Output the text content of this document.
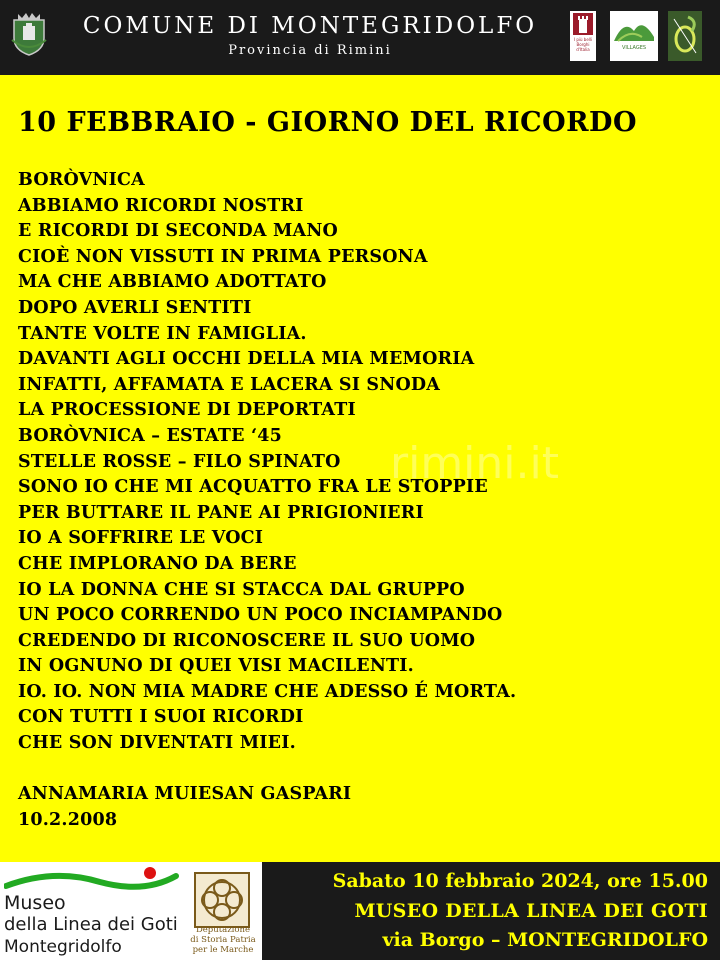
COMUNE DI MONTEGRIDOLFO
Provincia di Rimini
I più belli Borghi d'Italia	VILLAGES
10 FEBBRAIO - GIORNO DEL RICORDO
rimini.it
BORÒVNICA
ABBIAMO RICORDI NOSTRI
E RICORDI DI SECONDA MANO
CIOÈ NON VISSUTI IN PRIMA PERSONA
MA CHE ABBIAMO ADOTTATO
DOPO AVERLI SENTITI
TANTE VOLTE IN FAMIGLIA.
DAVANTI AGLI OCCHI DELLA MIA MEMORIA
INFATTI, AFFAMATA E LACERA SI SNODA
LA PROCESSIONE DI DEPORTATI
BORÒVNICA – ESTATE ‘45
STELLE ROSSE – FILO SPINATO
SONO IO CHE MI ACQUATTO FRA LE STOPPIE
PER BUTTARE IL PANE AI PRIGIONIERI
IO A SOFFRIRE LE VOCI
CHE IMPLORANO DA BERE
IO LA DONNA CHE SI STACCA DAL GRUPPO
UN POCO CORRENDO UN POCO INCIAMPANDO
CREDENDO DI RICONOSCERE IL SUO UOMO
IN OGNUNO DI QUEI VISI MACILENTI.
IO. IO. NON MIA MADRE CHE ADESSO É MORTA.
CON TUTTI I SUOI RICORDI
CHE SON DIVENTATI MIEI.
ANNAMARIA MUIESAN GASPARI
10.2.2008
Museo
della Linea dei Goti
Montegridolfo
Deputazione
di Storia Patria
per le Marche
Sabato 10 febbraio 2024, ore 15.00
MUSEO DELLA LINEA DEI GOTI
via Borgo – MONTEGRIDOLFO
